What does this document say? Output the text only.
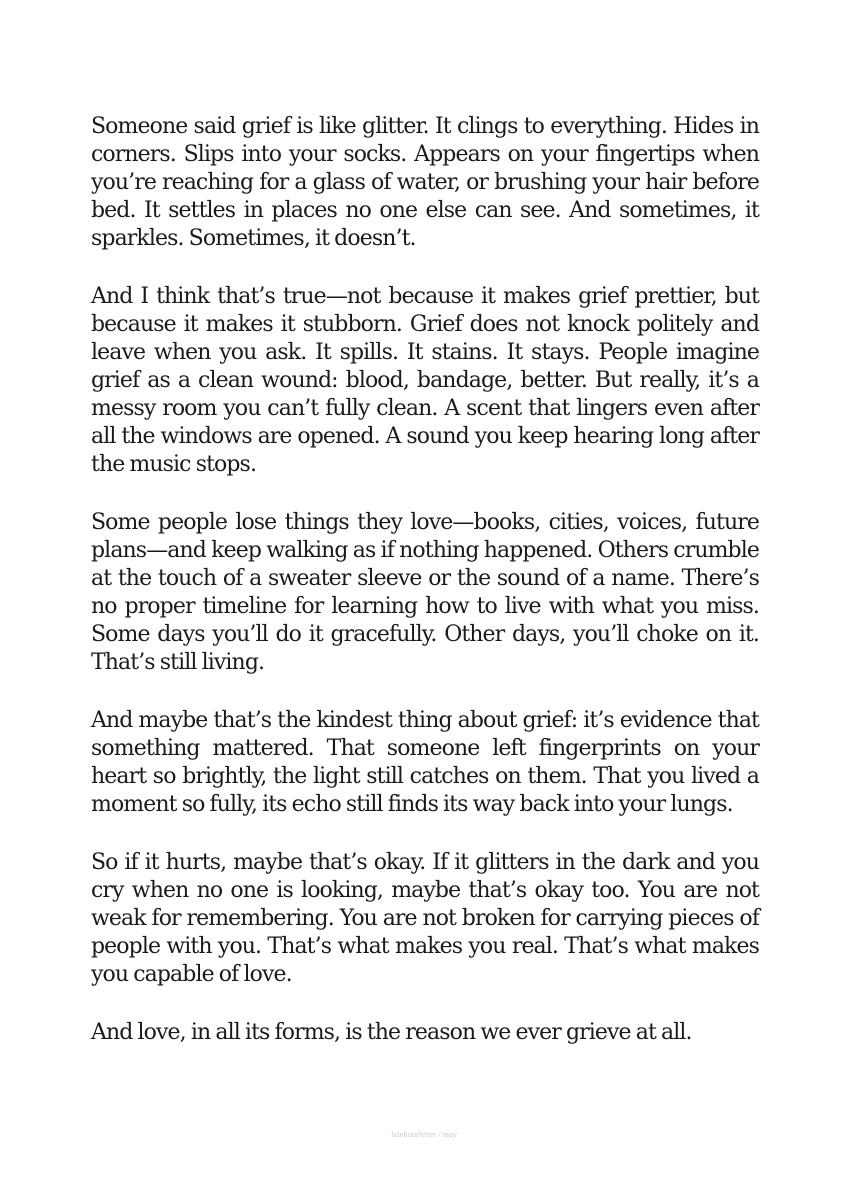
Someone said grief is like glitter. It clings to everything. Hides in corners. Slips into your socks. Appears on your fingertips when you’re reaching for a glass of water, or brushing your hair before bed. It settles in places no one else can see. And sometimes, it sparkles. Sometimes, it doesn’t.

And I think that’s true—not because it makes grief prettier, but because it makes it stubborn. Grief does not knock politely and leave when you ask. It spills. It stains. It stays. People imagine grief as a clean wound: blood, bandage, better. But really, it’s a messy room you can’t fully clean. A scent that lingers even after all the windows are opened. A sound you keep hearing long after the music stops.

Some people lose things they love—books, cities, voices, future plans—and keep walking as if nothing happened. Others crumble at the touch of a sweater sleeve or the sound of a name. There’s no proper timeline for learning how to live with what you miss. Some days you’ll do it gracefully. Other days, you’ll choke on it. That’s still living.

And maybe that’s the kindest thing about grief: it’s evidence that something mattered. That someone left fingerprints on your heart so brightly, the light still catches on them. That you lived a moment so fully, its echo still finds its way back into your lungs.

So if it hurts, maybe that’s okay. If it glitters in the dark and you cry when no one is looking, maybe that’s okay too. You are not weak for remembering. You are not broken for carrying pieces of people with you. That’s what makes you real. That’s what makes you capable of love.

And love, in all its forms, is the reason we ever grieve at all.

latehourletter / may
